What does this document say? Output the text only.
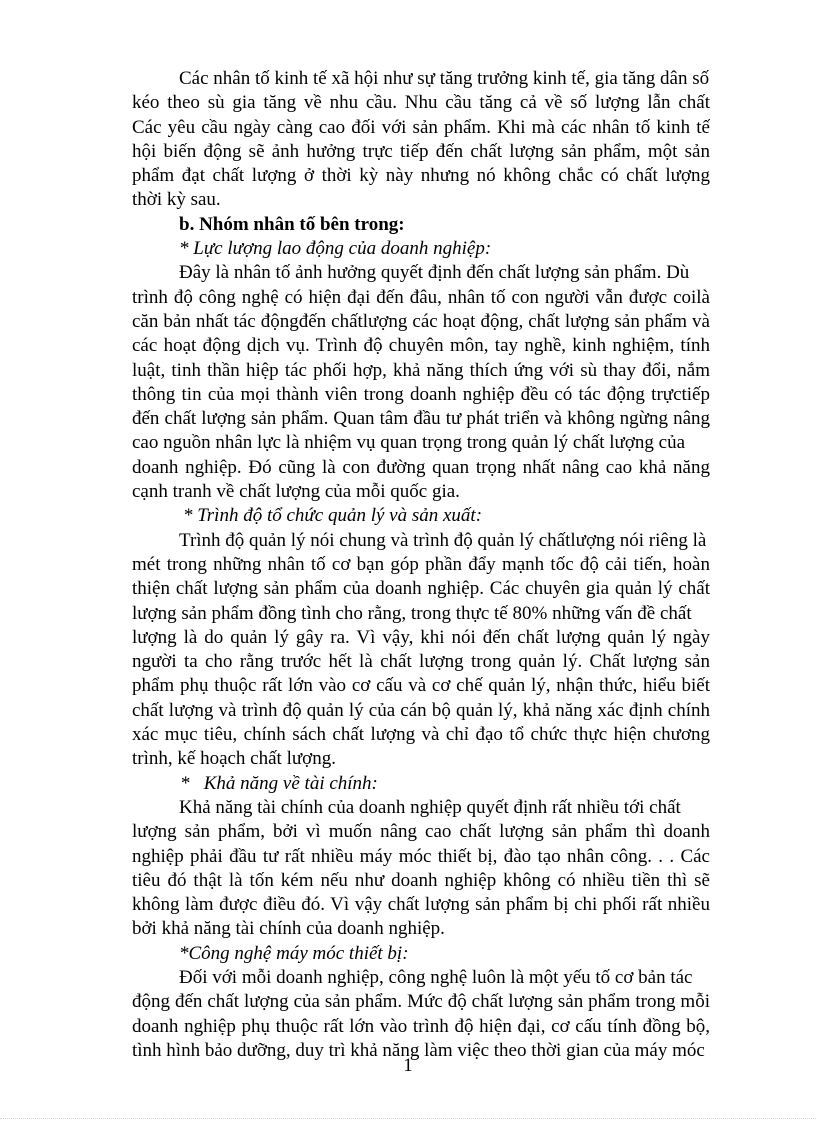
Các nhân tố kinh tế xã hội như sự tăng trưởng kinh tế, gia tăng dân số
kéo theo sù gia tăng về nhu cầu. Nhu cầu tăng cả về số lượng lẫn chất
Các yêu cầu ngày càng cao đối với sản phẩm. Khi mà các nhân tố kinh tế
hội biến động sẽ ảnh hưởng trực tiếp đến chất lượng sản phẩm, một sản
phẩm đạt chất lượng ở thời kỳ này nhưng nó không chắc có chất lượng
thời kỳ sau.
b. Nhóm nhân tố bên trong:
* Lực lượng lao động của doanh nghiệp:
Đây là nhân tố ảnh hưởng quyết định đến chất lượng sản phẩm. Dù
trình độ công nghệ có hiện đại đến đâu, nhân tố con người vẫn được coilà
căn bản nhất tác độngđến chấtlượng các hoạt động, chất lượng sản phẩm và
các hoạt động dịch vụ. Trình độ chuyên môn, tay nghề, kinh nghiệm, tính
luật, tinh thần hiệp tác phối hợp, khả năng thích ứng với sù thay đổi, nắm
thông tin của mọi thành viên trong doanh nghiệp đều có tác động trựctiếp
đến chất lượng sản phẩm. Quan tâm đầu tư phát triển và không ngừng nâng
cao nguồn nhân lực là nhiệm vụ quan trọng trong quản lý chất lượng của
doanh nghiệp. Đó cũng là con đường quan trọng nhất nâng cao khả năng
cạnh tranh về chất lượng của mỗi quốc gia.
* Trình độ tổ chức quản lý và sản xuất:
Trình độ quản lý nói chung và trình độ quản lý chấtlượng nói riêng là
mét trong những nhân tố cơ bạn góp phần đẩy mạnh tốc độ cải tiến, hoàn
thiện chất lượng sản phẩm của doanh nghiệp. Các chuyên gia quản lý chất
lượng sản phẩm đồng tình cho rằng, trong thực tế 80% những vấn đề chất
lượng là do quản lý gây ra. Vì vậy, khi nói đến chất lượng quản lý ngày
người ta cho rằng trước hết là chất lượng trong quản lý. Chất lượng sản
phẩm phụ thuộc rất lớn vào cơ cấu và cơ chế quản lý, nhận thức, hiểu biết
chất lượng và trình độ quản lý của cán bộ quản lý, khả năng xác định chính
xác mục tiêu, chính sách chất lượng và chỉ đạo tổ chức thực hiện chương
trình, kế hoạch chất lượng.
*   Khả năng về tài chính:
Khả năng tài chính của doanh nghiệp quyết định rất nhiều tới chất
lượng sản phẩm, bởi vì muốn nâng cao chất lượng sản phẩm thì doanh
nghiệp phải đầu tư rất nhiều máy móc thiết bị, đào tạo nhân công. . . Các
tiêu đó thật là tốn kém nếu như doanh nghiệp không có nhiều tiền thì sẽ
không làm được điều đó. Vì vậy chất lượng sản phẩm bị chi phối rất nhiều
bởi khả năng tài chính của doanh nghiệp.
*Công nghệ máy móc thiết bị:
Đối với mỗi doanh nghiệp, công nghệ luôn là một yếu tố cơ bản tác
động đến chất lượng của sản phẩm. Mức độ chất lượng sản phẩm trong mỗi
doanh nghiệp phụ thuộc rất lớn vào trình độ hiện đại, cơ cấu tính đồng bộ,
tình hình bảo dưỡng, duy trì khả năng làm việc theo thời gian của máy móc
1
